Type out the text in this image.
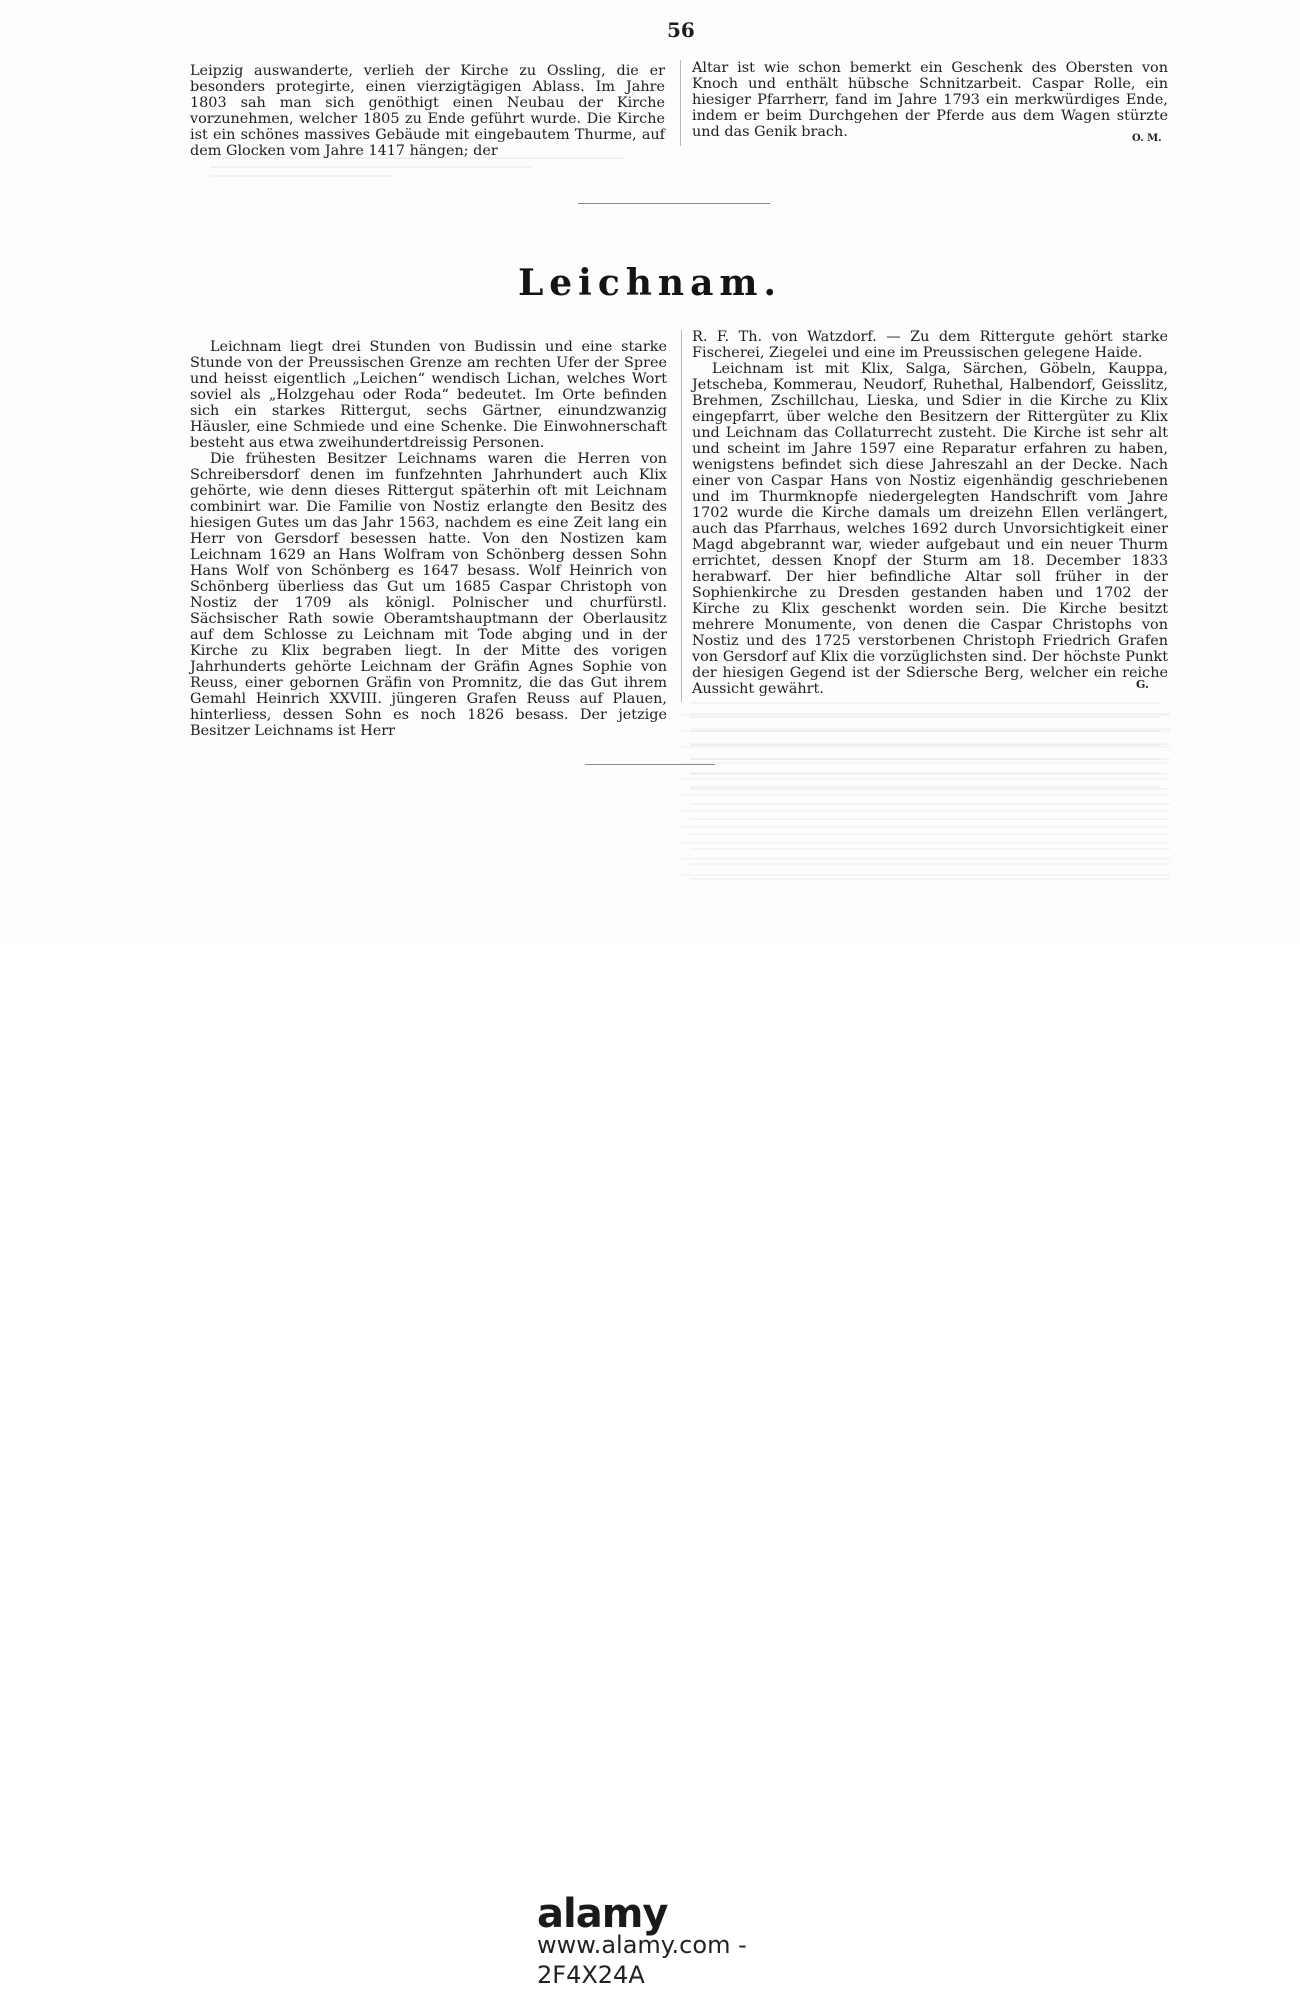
56

Leipzig auswanderte, verlieh der Kirche zu Ossling, die er besonders protegirte, einen vierzigtägigen Ablass. Im Jahre 1803 sah man sich genöthigt einen Neubau der Kirche vorzunehmen, welcher 1805 zu Ende geführt wurde. Die Kirche ist ein schönes massives Gebäude mit eingebautem Thurme, auf dem Glocken vom Jahre 1417 hängen; der

Altar ist wie schon bemerkt ein Geschenk des Obersten von Knoch und enthält hübsche Schnitzarbeit. Caspar Rolle, ein hiesiger Pfarrherr, fand im Jahre 1793 ein merkwürdiges Ende, indem er beim Durchgehen der Pferde aus dem Wagen stürzte und das Genik brach.	O. M.
Leichnam.

Leichnam liegt drei Stunden von Budissin und eine starke Stunde von der Preussischen Grenze am rechten Ufer der Spree und heisst eigentlich „Leichen“ wendisch Lichan, welches Wort soviel als „Holzgehau oder Roda“ bedeutet. Im Orte befinden sich ein starkes Rittergut, sechs Gärtner, einundzwanzig Häusler, eine Schmiede und eine Schenke. Die Einwohnerschaft besteht aus etwa zweihundertdreissig Personen.

Die frühesten Besitzer Leichnams waren die Herren von Schreibersdorf denen im funfzehnten Jahrhundert auch Klix gehörte, wie denn dieses Rittergut späterhin oft mit Leichnam combinirt war. Die Familie von Nostiz erlangte den Besitz des hiesigen Gutes um das Jahr 1563, nachdem es eine Zeit lang ein Herr von Gersdorf besessen hatte. Von den Nostizen kam Leichnam 1629 an Hans Wolfram von Schönberg dessen Sohn Hans Wolf von Schönberg es 1647 besass. Wolf Heinrich von Schönberg überliess das Gut um 1685 Caspar Christoph von Nostiz der 1709 als königl. Polnischer und churfürstl. Sächsischer Rath sowie Oberamtshauptmann der Oberlausitz auf dem Schlosse zu Leichnam mit Tode abging und in der Kirche zu Klix begraben liegt. In der Mitte des vorigen Jahrhunderts gehörte Leichnam der Gräfin Agnes Sophie von Reuss, einer gebornen Gräfin von Promnitz, die das Gut ihrem Gemahl Heinrich XXVIII. jüngeren Grafen Reuss auf Plauen, hinterliess, dessen Sohn es noch 1826 besass. Der jetzige Besitzer Leichnams ist Herr

R. F. Th. von Watzdorf. — Zu dem Rittergute gehört starke Fischerei, Ziegelei und eine im Preussischen gelegene Haide.

Leichnam ist mit Klix, Salga, Särchen, Göbeln, Kauppa, Jetscheba, Kommerau, Neudorf, Ruhethal, Halbendorf, Geisslitz, Brehmen, Zschillchau, Lieska, und Sdier in die Kirche zu Klix eingepfarrt, über welche den Besitzern der Rittergüter zu Klix und Leichnam das Collaturrecht zusteht. Die Kirche ist sehr alt und scheint im Jahre 1597 eine Reparatur erfahren zu haben, wenigstens befindet sich diese Jahreszahl an der Decke. Nach einer von Caspar Hans von Nostiz eigenhändig geschriebenen und im Thurmknopfe niedergelegten Handschrift vom Jahre 1702 wurde die Kirche damals um dreizehn Ellen verlängert, auch das Pfarrhaus, welches 1692 durch Unvorsichtigkeit einer Magd abgebrannt war, wieder aufgebaut und ein neuer Thurm errichtet, dessen Knopf der Sturm am 18. December 1833 herabwarf. Der hier befindliche Altar soll früher in der Sophienkirche zu Dresden gestanden haben und 1702 der Kirche zu Klix geschenkt worden sein. Die Kirche besitzt mehrere Monumente, von denen die Caspar Christophs von Nostiz und des 1725 verstorbenen Christoph Friedrich Grafen von Gersdorf auf Klix die vorzüglichsten sind. Der höchste Punkt der hiesigen Gegend ist der Sdiersche Berg, welcher ein reiche Aussicht gewährt.	G.
alamy
www.alamy.com - 2F4X24A
